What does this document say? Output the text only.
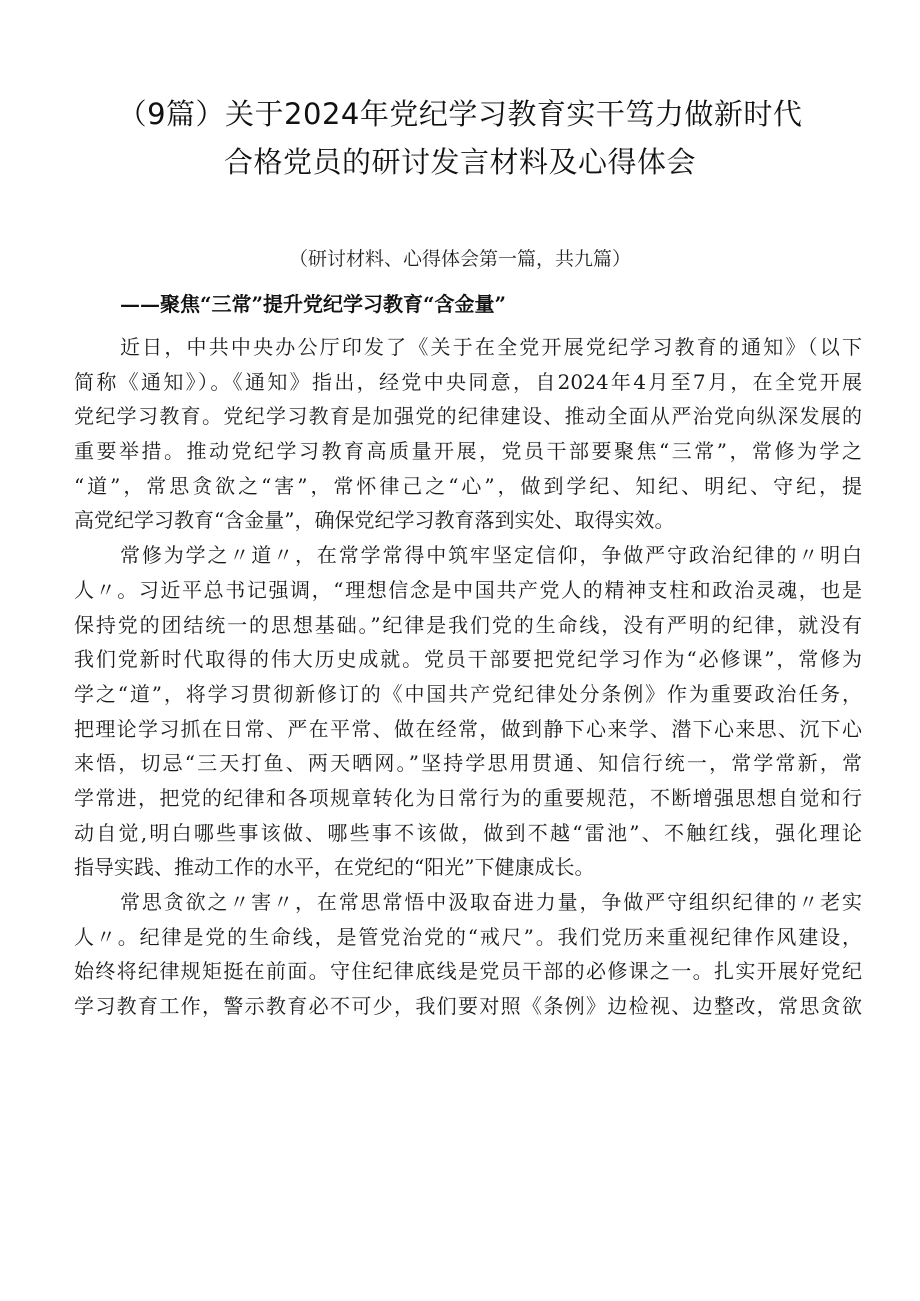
（9篇）关于2024年党纪学习教育实干笃力做新时代
合格党员的研讨发言材料及心得体会
（研讨材料、心得体会第一篇，共九篇）
——聚焦“三常”提升党纪学习教育“含金量”

近日，中共中央办公厅印发了《关于在全党开展党纪学习教育的通知》（以下
简称《通知》）。《通知》指出，经党中央同意，自2024年4月至7月，在全党开展
党纪学习教育。党纪学习教育是加强党的纪律建设、推动全面从严治党向纵深发展的
重要举措。推动党纪学习教育高质量开展，党员干部要聚焦“三常”，常修为学之
“道”，常思贪欲之“害”，常怀律己之“心”，做到学纪、知纪、明纪、守纪，提
高党纪学习教育“含金量”，确保党纪学习教育落到实处、取得实效。

常修为学之〃道〃，在常学常得中筑牢坚定信仰，争做严守政治纪律的〃明白
人〃。习近平总书记强调，“理想信念是中国共产党人的精神支柱和政治灵魂，也是
保持党的团结统一的思想基础。”纪律是我们党的生命线，没有严明的纪律，就没有
我们党新时代取得的伟大历史成就。党员干部要把党纪学习作为“必修课”，常修为
学之“道”，将学习贯彻新修订的《中国共产党纪律处分条例》作为重要政治任务，
把理论学习抓在日常、严在平常、做在经常，做到静下心来学、潜下心来思、沉下心
来悟，切忌“三天打鱼、两天晒网。”坚持学思用贯通、知信行统一，常学常新，常
学常进，把党的纪律和各项规章转化为日常行为的重要规范，不断增强思想自觉和行
动自觉,明白哪些事该做、哪些事不该做，做到不越“雷池”、不触红线，强化理论
指导实践、推动工作的水平，在党纪的“阳光”下健康成长。

常思贪欲之〃害〃，在常思常悟中汲取奋进力量，争做严守组织纪律的〃老实
人〃。纪律是党的生命线，是管党治党的“戒尺”。我们党历来重视纪律作风建设，
始终将纪律规矩挺在前面。守住纪律底线是党员干部的必修课之一。扎实开展好党纪
学习教育工作，警示教育必不可少，我们要对照《条例》边检视、边整改，常思贪欲
